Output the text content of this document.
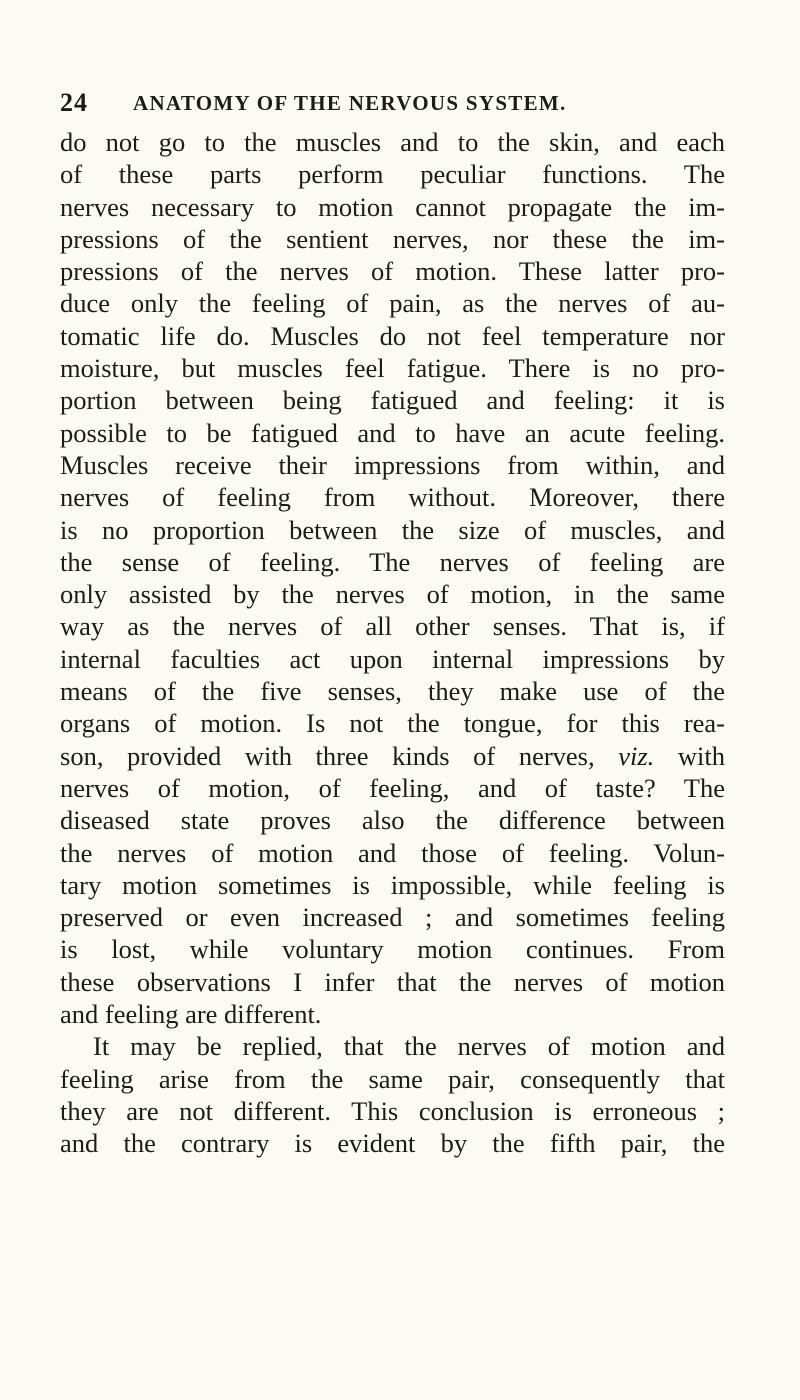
24 ANATOMY OF THE NERVOUS SYSTEM.
do not go to the muscles and to the skin, and each
of these parts perform peculiar functions. The
nerves necessary to motion cannot propagate the im-
pressions of the sentient nerves, nor these the im-
pressions of the nerves of motion. These latter pro-
duce only the feeling of pain, as the nerves of au-
tomatic life do. Muscles do not feel temperature nor
moisture, but muscles feel fatigue. There is no pro-
portion between being fatigued and feeling: it is
possible to be fatigued and to have an acute feeling.
Muscles receive their impressions from within, and
nerves of feeling from without. Moreover, there
is no proportion between the size of muscles, and
the sense of feeling. The nerves of feeling are
only assisted by the nerves of motion, in the same
way as the nerves of all other senses. That is, if
internal faculties act upon internal impressions by
means of the five senses, they make use of the
organs of motion. Is not the tongue, for this rea-
son, provided with three kinds of nerves, viz. with
nerves of motion, of feeling, and of taste? The
diseased state proves also the difference between
the nerves of motion and those of feeling. Volun-
tary motion sometimes is impossible, while feeling is
preserved or even increased ; and sometimes feeling
is lost, while voluntary motion continues. From
these observations I infer that the nerves of motion
and feeling are different.
It may be replied, that the nerves of motion and
feeling arise from the same pair, consequently that
they are not different. This conclusion is erroneous ;
and the contrary is evident by the fifth pair, the
